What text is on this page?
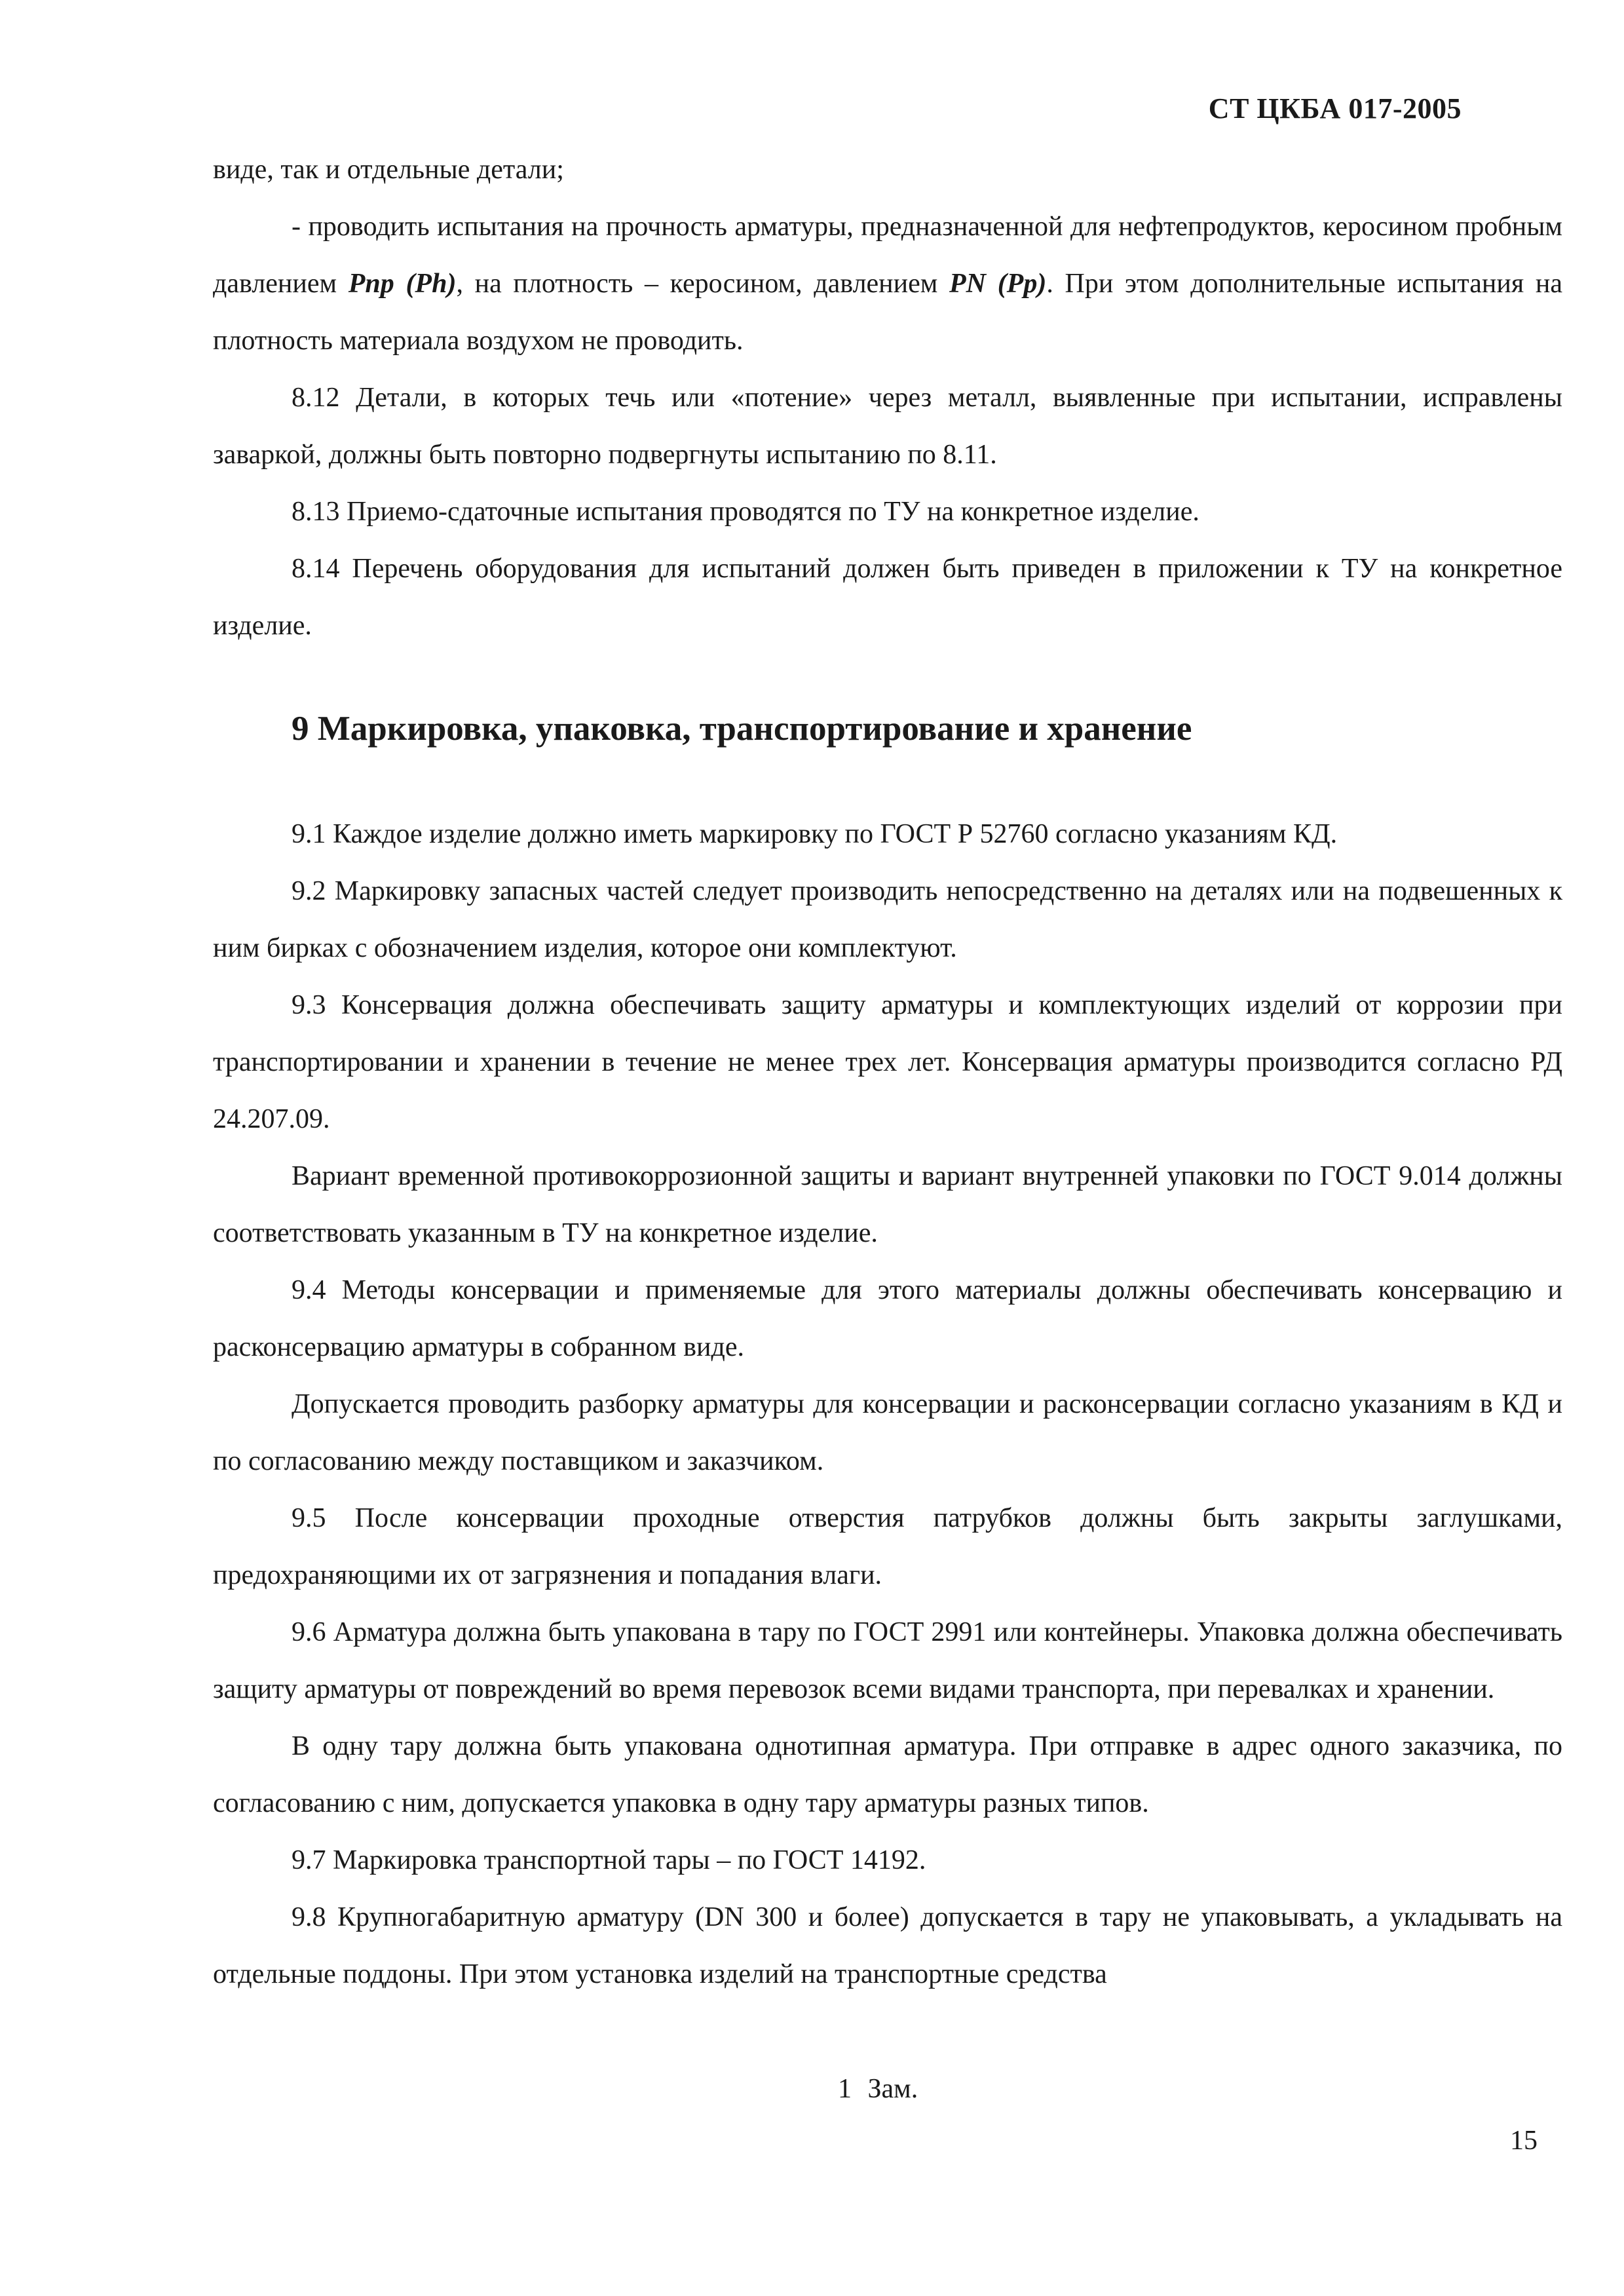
СТ ЦКБА 017-2005

виде, так и отдельные детали;

- проводить испытания на прочность арматуры, предназначенной для нефтепродуктов, керосином пробным давлением Рпр (Рh), на плотность – керосином, давлением PN (Рр). При этом дополнительные испытания на плотность материала воздухом не проводить.

8.12 Детали, в которых течь или «потение» через металл, выявленные при испытании, исправлены заваркой, должны быть повторно подвергнуты испытанию по 8.11.

8.13 Приемо-сдаточные испытания проводятся по ТУ на конкретное изделие.

8.14 Перечень оборудования для испытаний должен быть приведен в приложении к ТУ на конкретное изделие.

9 Маркировка, упаковка, транспортирование и хранение

9.1 Каждое изделие должно иметь маркировку по ГОСТ Р 52760 согласно указаниям КД.

9.2 Маркировку запасных частей следует производить непосредственно на деталях или на подвешенных к ним бирках с обозначением изделия, которое они комплектуют.

9.3 Консервация должна обеспечивать защиту арматуры и комплектующих изделий от коррозии при транспортировании и хранении в течение не менее трех лет. Консервация арматуры производится согласно РД 24.207.09.

Вариант временной противокоррозионной защиты и вариант внутренней упаковки по ГОСТ 9.014 должны соответствовать указанным в ТУ на конкретное изделие.

9.4 Методы консервации и применяемые для этого материалы должны обеспечивать консервацию и расконсервацию арматуры в собранном виде.

Допускается проводить разборку арматуры для консервации и расконсервации согласно указаниям в КД и по согласованию между поставщиком и заказчиком.

9.5 После консервации проходные отверстия патрубков должны быть закрыты заглушками, предохраняющими их от загрязнения и попадания влаги.

9.6 Арматура должна быть упакована в тару по ГОСТ 2991 или контейнеры. Упаковка должна обеспечивать защиту арматуры от повреждений во время перевозок всеми видами транспорта, при перевалках и хранении.

В одну тару должна быть упакована однотипная арматура. При отправке в адрес одного заказчика, по согласованию с ним, допускается упаковка в одну тару арматуры разных типов.

9.7 Маркировка транспортной тары – по ГОСТ 14192.

9.8 Крупногабаритную арматуру (DN 300 и более) допускается в тару не упаковывать, а укладывать на отдельные поддоны. При этом установка изделий на транспортные средства

1 Зам.
15
